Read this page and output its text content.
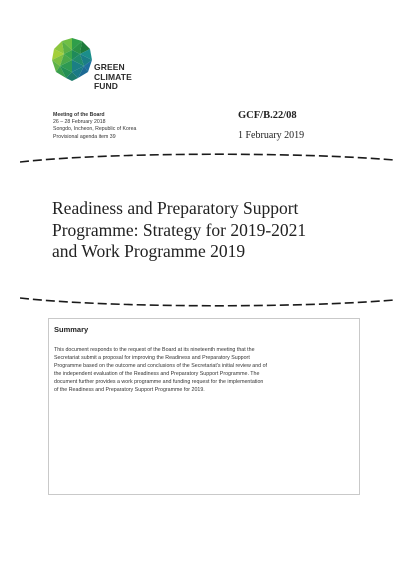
GREEN
CLIMATE
FUND
Meeting of the Board
26 – 28 February 2018
Songdo, Incheon, Republic of Korea
Provisional agenda item 39
GCF/B.22/08
1 February 2019
Readiness and Preparatory Support
Programme: Strategy for 2019-2021
and Work Programme 2019
Summary
This document responds to the request of the Board at its nineteenth meeting that the
Secretariat submit a proposal for improving the Readiness and Preparatory Support
Programme based on the outcome and conclusions of the Secretariat's initial review and of
the independent evaluation of the Readiness and Preparatory Support Programme. The
document further provides a work programme and funding request for the implementation
of the Readiness and Preparatory Support Programme for 2019.
